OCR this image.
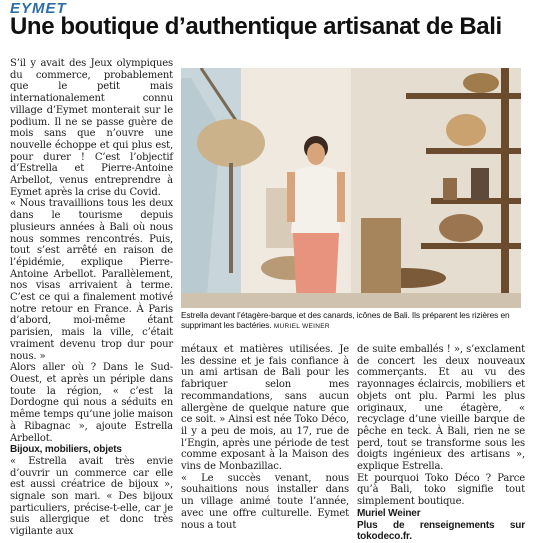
EYMET
Une boutique d’authentique artisanat de Bali

S’il y avait des Jeux olympiques du commerce, probablement que le petit mais internationalement connu village d’Eymet monterait sur le podium. Il ne se passe guère de mois sans que n’ouvre une nouvelle échoppe et qui plus est, pour durer ! C’est l’objectif d’Estrella et Pierre-Antoine Arbellot, venus entreprendre à Eymet après la crise du Covid.

« Nous travaillions tous les deux dans le tourisme depuis plusieurs années à Bali où nous nous sommes rencontrés. Puis, tout s’est arrêté en raison de l’épidémie, explique Pierre-Antoine Arbellot. Parallèlement, nos visas arrivaient à terme. C’est ce qui a finalement motivé notre retour en France. À Paris d’abord, moi-même étant parisien, mais la ville, c’était vraiment devenu trop dur pour nous. »

Alors aller où ? Dans le Sud-Ouest, et après un périple dans toute la région, « c’est la Dordogne qui nous a séduits en même temps qu’une jolie maison à Ribagnac », ajoute Estrella Arbellot.

Bijoux, mobiliers, objets

« Estrella avait très envie d’ouvrir un commerce car elle est aussi créatrice de bijoux », signale son mari. « Des bijoux particuliers, précise-t-elle, car je suis allergique et donc très vigilante aux

Estrella devant l’étagère-barque et des canards, icônes de Bali. Ils préparent les rizières en supprimant les bactéries. MURIEL WEINER

métaux et matières utilisées. Je les dessine et je fais confiance à un ami artisan de Bali pour les fabriquer selon mes recommandations, sans aucun allergène de quelque nature que ce soit. » Ainsi est née Toko Déco, il y a peu de mois, au 17, rue de l’Engin, après une période de test comme exposant à la Maison des vins de Monbazillac.

« Le succès venant, nous souhaitions nous installer dans un village animé toute l’année, avec une offre culturelle. Eymet nous a tout

de suite emballés ! », s’exclament de concert les deux nouveaux commerçants. Et au vu des rayonnages éclaircis, mobiliers et objets ont plu. Parmi les plus originaux, une étagère, « recyclage d’une vieille barque de pêche en teck. À Bali, rien ne se perd, tout se transforme sous les doigts ingénieux des artisans », explique Estrella.

Et pourquoi Toko Déco ? Parce qu’à Bali, toko signifie tout simplement boutique.

Muriel Weiner

Plus de renseignements sur tokodeco.fr.
